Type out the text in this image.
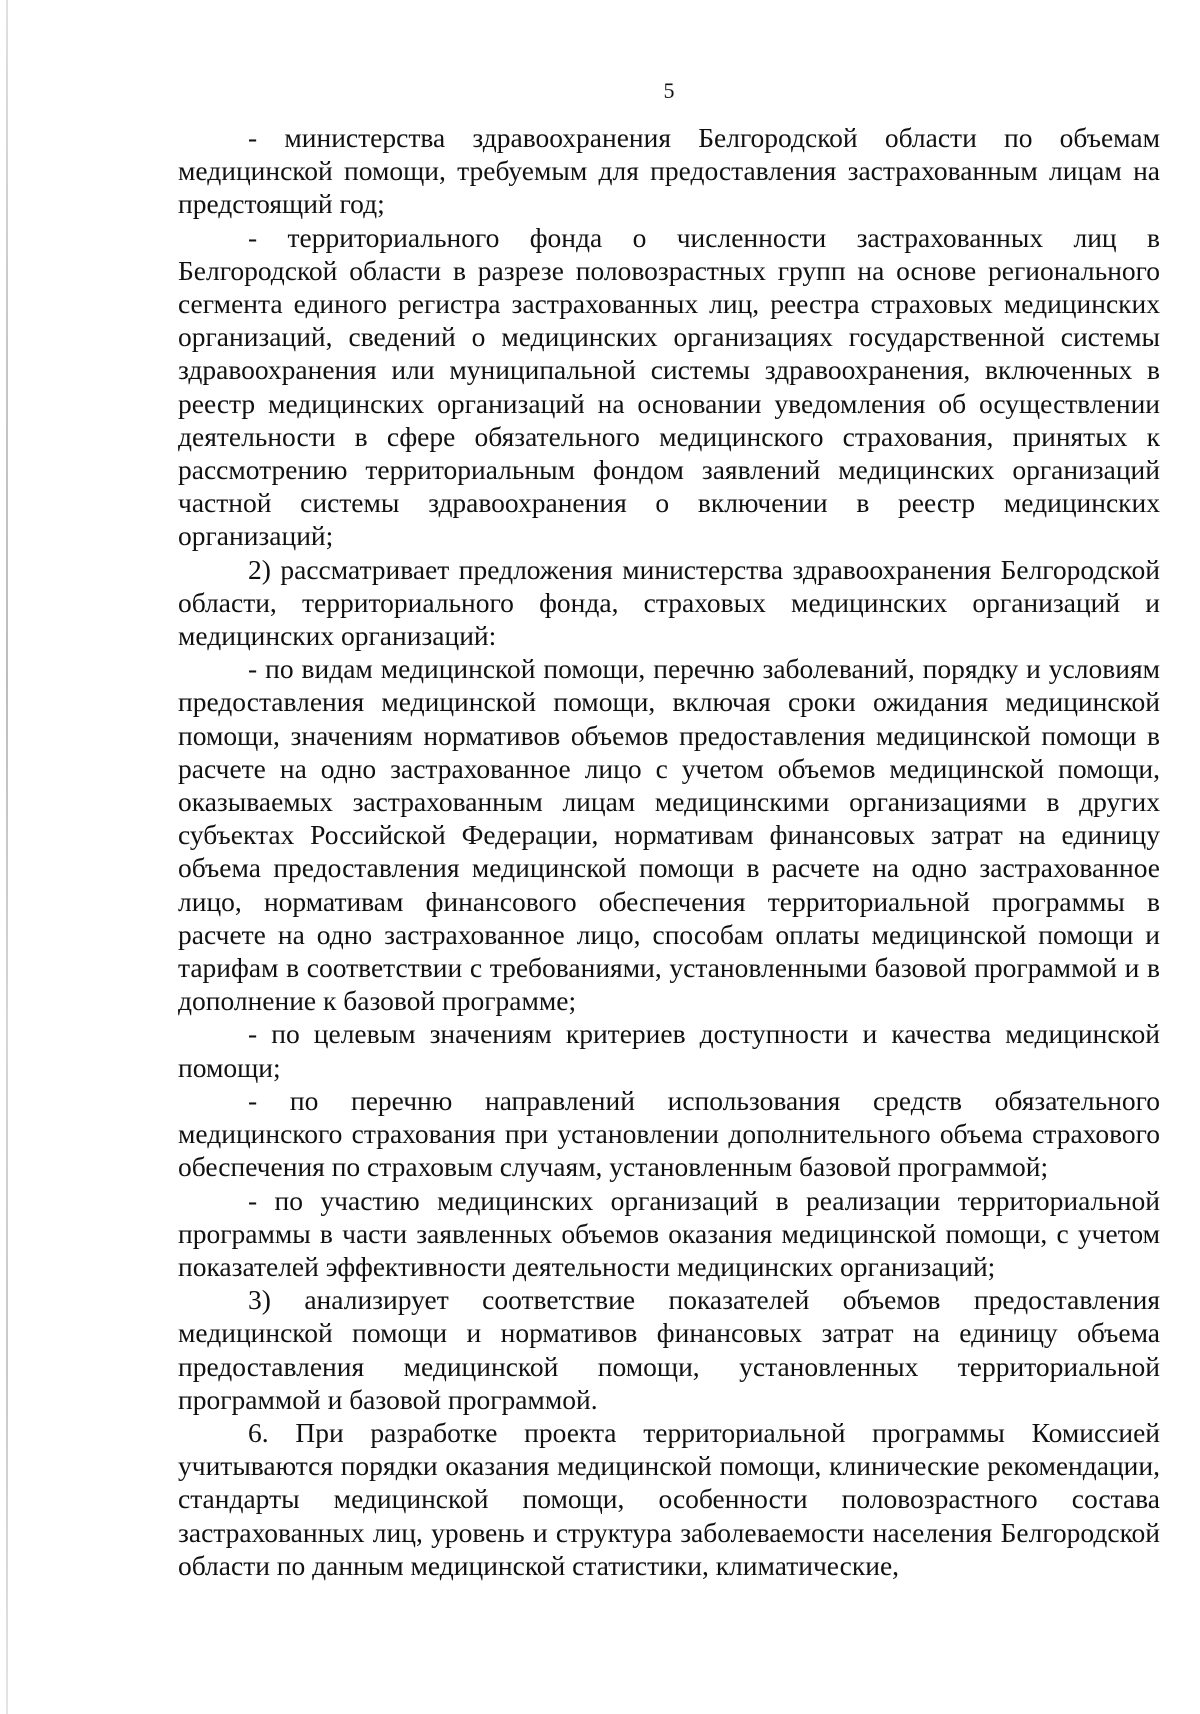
5

- министерства здравоохранения Белгородской области по объемам медицинской помощи, требуемым для предоставления застрахованным лицам на предстоящий год;

- территориального фонда о численности застрахованных лиц в Белгородской области в разрезе половозрастных групп на основе регионального сегмента единого регистра застрахованных лиц, реестра страховых медицинских организаций, сведений о медицинских организациях государственной системы здравоохранения или муниципальной системы здравоохранения, включенных в реестр медицинских организаций на основании уведомления об осуществлении деятельности в сфере обязательного медицинского страхования, принятых к рассмотрению территориальным фондом заявлений медицинских организаций частной системы здравоохранения о включении в реестр медицинских организаций;

2) рассматривает предложения министерства здравоохранения Белгородской области, территориального фонда, страховых медицинских организаций и медицинских организаций:

- по видам медицинской помощи, перечню заболеваний, порядку и условиям предоставления медицинской помощи, включая сроки ожидания медицинской помощи, значениям нормативов объемов предоставления медицинской помощи в расчете на одно застрахованное лицо с учетом объемов медицинской помощи, оказываемых застрахованным лицам медицинскими организациями в других субъектах Российской Федерации, нормативам финансовых затрат на единицу объема предоставления медицинской помощи в расчете на одно застрахованное лицо, нормативам финансового обеспечения территориальной программы в расчете на одно застрахованное лицо, способам оплаты медицинской помощи и тарифам в соответствии с требованиями, установленными базовой программой и в дополнение к базовой программе;

- по целевым значениям критериев доступности и качества медицинской помощи;

- по перечню направлений использования средств обязательного медицинского страхования при установлении дополнительного объема страхового обеспечения по страховым случаям, установленным базовой программой;

- по участию медицинских организаций в реализации территориальной программы в части заявленных объемов оказания медицинской помощи, с учетом показателей эффективности деятельности медицинских организаций;

3) анализирует соответствие показателей объемов предоставления медицинской помощи и нормативов финансовых затрат на единицу объема предоставления медицинской помощи, установленных территориальной программой и базовой программой.

6. При разработке проекта территориальной программы Комиссией учитываются порядки оказания медицинской помощи, клинические рекомендации, стандарты медицинской помощи, особенности половозрастного состава застрахованных лиц, уровень и структура заболеваемости населения Белгородской области по данным медицинской статистики, климатические,
